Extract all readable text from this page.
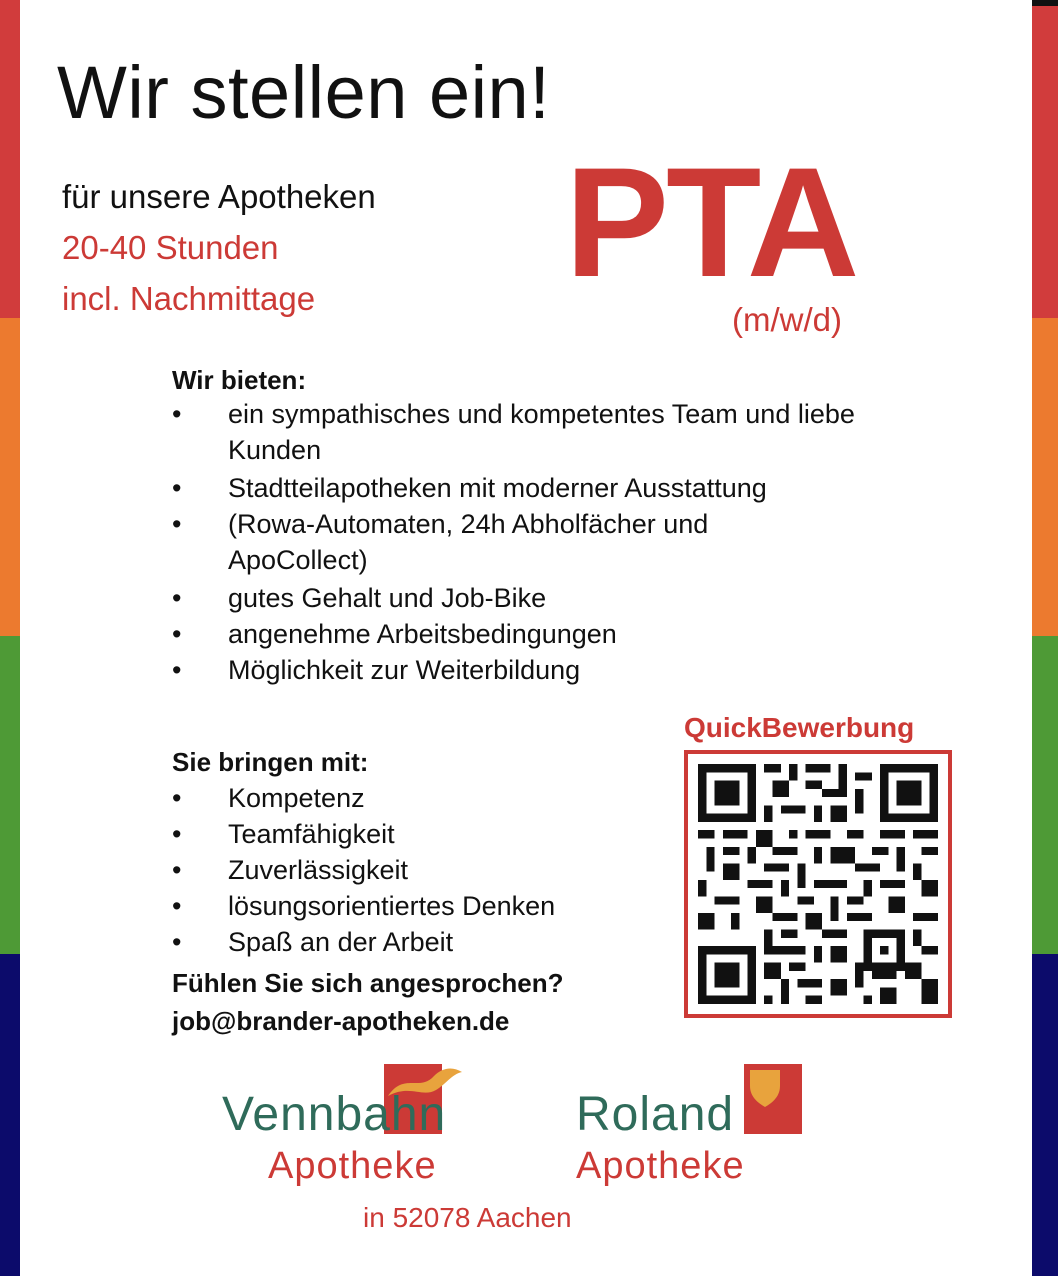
Wir stellen ein!
für unsere Apotheken
20-40 Stunden
incl. Nachmittage PTA
(m/w/d)
Wir bieten:
• ein sympathisches und kompetentes Team und liebe Kunden
• Stadtteilapotheken mit moderner Ausstattung
• (Rowa-Automaten, 24h Abholfächer und ApoCollect)
• gutes Gehalt und Job-Bike
• angenehme Arbeitsbedingungen
• Möglichkeit zur Weiterbildung
Sie bringen mit:
• Kompetenz
• Teamfähigkeit
• Zuverlässigkeit
• lösungsorientiertes Denken
• Spaß an der Arbeit
Fühlen Sie sich angesprochen?
job@brander-apotheken.de
QuickBewerbung
Vennbahn
Apotheke
Roland
Apotheke
in 52078 Aachen
